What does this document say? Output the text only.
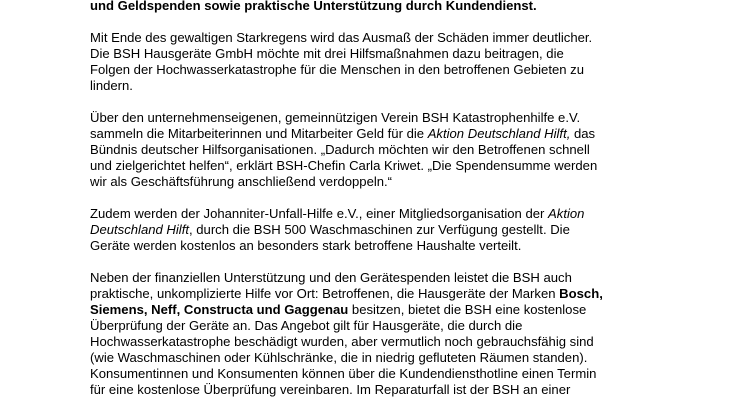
und Geldspenden sowie praktische Unterstützung durch Kundendienst.
Mit Ende des gewaltigen Starkregens wird das Ausmaß der Schäden immer deutlicher.
Die BSH Hausgeräte GmbH möchte mit drei Hilfsmaßnahmen dazu beitragen, die
Folgen der Hochwasserkatastrophe für die Menschen in den betroffenen Gebieten zu
lindern.
Über den unternehmenseigenen, gemeinnützigen Verein BSH Katastrophenhilfe e.V.
sammeln die Mitarbeiterinnen und Mitarbeiter Geld für die Aktion Deutschland Hilft, das
Bündnis deutscher Hilfsorganisationen. „Dadurch möchten wir den Betroffenen schnell
und zielgerichtet helfen“, erklärt BSH-Chefin Carla Kriwet. „Die Spendensumme werden
wir als Geschäftsführung anschließend verdoppeln.“
Zudem werden der Johanniter-Unfall-Hilfe e.V., einer Mitgliedsorganisation der Aktion
Deutschland Hilft, durch die BSH 500 Waschmaschinen zur Verfügung gestellt. Die
Geräte werden kostenlos an besonders stark betroffene Haushalte verteilt.
Neben der finanziellen Unterstützung und den Gerätespenden leistet die BSH auch
praktische, unkomplizierte Hilfe vor Ort: Betroffenen, die Hausgeräte der Marken Bosch,
Siemens, Neff, Constructa und Gaggenau besitzen, bietet die BSH eine kostenlose
Überprüfung der Geräte an. Das Angebot gilt für Hausgeräte, die durch die
Hochwasserkatastrophe beschädigt wurden, aber vermutlich noch gebrauchsfähig sind
(wie Waschmaschinen oder Kühlschränke, die in niedrig gefluteten Räumen standen).
Konsumentinnen und Konsumenten können über die Kundendiensthotline einen Termin
für eine kostenlose Überprüfung vereinbaren. Im Reparaturfall ist der BSH an einer
